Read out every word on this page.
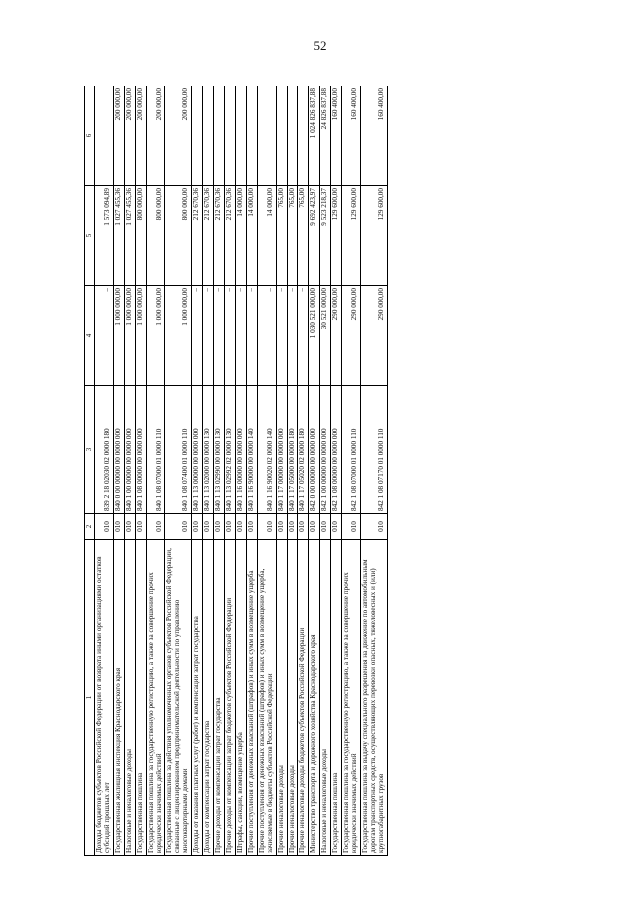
52
1	2	3	4	5	6
Доходы бюджетов субъектов Российской Федерации от возврата иными организациями остатков субсидий прошлых лет	010	839 2 18 02030 02 0000 180	–	1 573 094,89	
Государственная жилищная инспекция Краснодарского края	010	840 0 00 00000 00 0000 000	1 000 000,00	1 027 455,36	200 000,00
Налоговые и неналоговые доходы	010	840 1 00 00000 00 0000 000	1 000 000,00	1 027 455,36	200 000,00
Государственная пошлина	010	840 1 08 00000 00 0000 000	1 000 000,00	800 000,00	200 000,00
Государственная пошлина за государственную регистрацию, а также за совершение прочих юридически значимых действий	010	840 1 08 07000 01 0000 110	1 000 000,00	800 000,00	200 000,00
Государственная пошлина за действия уполномоченных органов субъектов Российской Федерации, связанные с лицензированием предпринимательской деятельности по управлению многоквартирными домами	010	840 1 08 07400 01 0000 110	1 000 000,00	800 000,00	200 000,00
Доходы от оказания платных услуг (работ) и компенсации затрат государства	010	840 1 13 00000 00 0000 000	–	212 670,36	
Доходы от компенсации затрат государства	010	840 1 13 02000 00 0000 130	–	212 670,36	
Прочие доходы от компенсации затрат государства	010	840 1 13 02990 00 0000 130	–	212 670,36	
Прочие доходы от компенсации затрат бюджетов субъектов Российской Федерации	010	840 1 13 02992 02 0000 130	–	212 670,36	
Штрафы, санкции, возмещение ущерба	010	840 1 16 00000 00 0000 000	–	14 000,00	
Прочие поступления от денежных взысканий (штрафов) и иных сумм в возмещение ущерба	010	840 1 16 90000 00 0000 140	–	14 000,00	
Прочие поступления от денежных взысканий (штрафов) и иных сумм в возмещение ущерба, зачисляемые в бюджеты субъектов Российской Федерации	010	840 1 16 90020 02 0000 140	–	14 000,00	
Прочие неналоговые доходы	010	840 1 17 00000 00 0000 000	–	765,00	
Прочие неналоговые доходы	010	840 1 17 05000 00 0000 180	–	765,00	
Прочие неналоговые доходы бюджетов субъектов Российской Федерации	010	840 1 17 05020 02 0000 180	–	765,00	
Министерство транспорта и дорожного хозяйства Краснодарского края	010	842 0 00 00000 00 0000 000	1 030 521 000,00	9 692 423,97	1 024 826 837,88
Налоговые и неналоговые доходы	010	842 1 00 00000 00 0000 000	30 521 000,00	9 523 218,37	24 826 837,88
Государственная пошлина	010	842 1 08 00000 00 0000 000	290 000,00	129 600,00	160 400,00
Государственная пошлина за государственную регистрацию, а также за совершение прочих юридически значимых действий	010	842 1 08 07000 01 0000 110	290 000,00	129 600,00	160 400,00
Государственная пошлина за выдачу специального разрешения на движение по автомобильным дорогам транспортных средств, осуществляющих перевозки опасных, тяжеловесных и (или) крупногабаритных грузов	010	842 1 08 07170 01 0000 110	290 000,00	129 600,00	160 400,00
